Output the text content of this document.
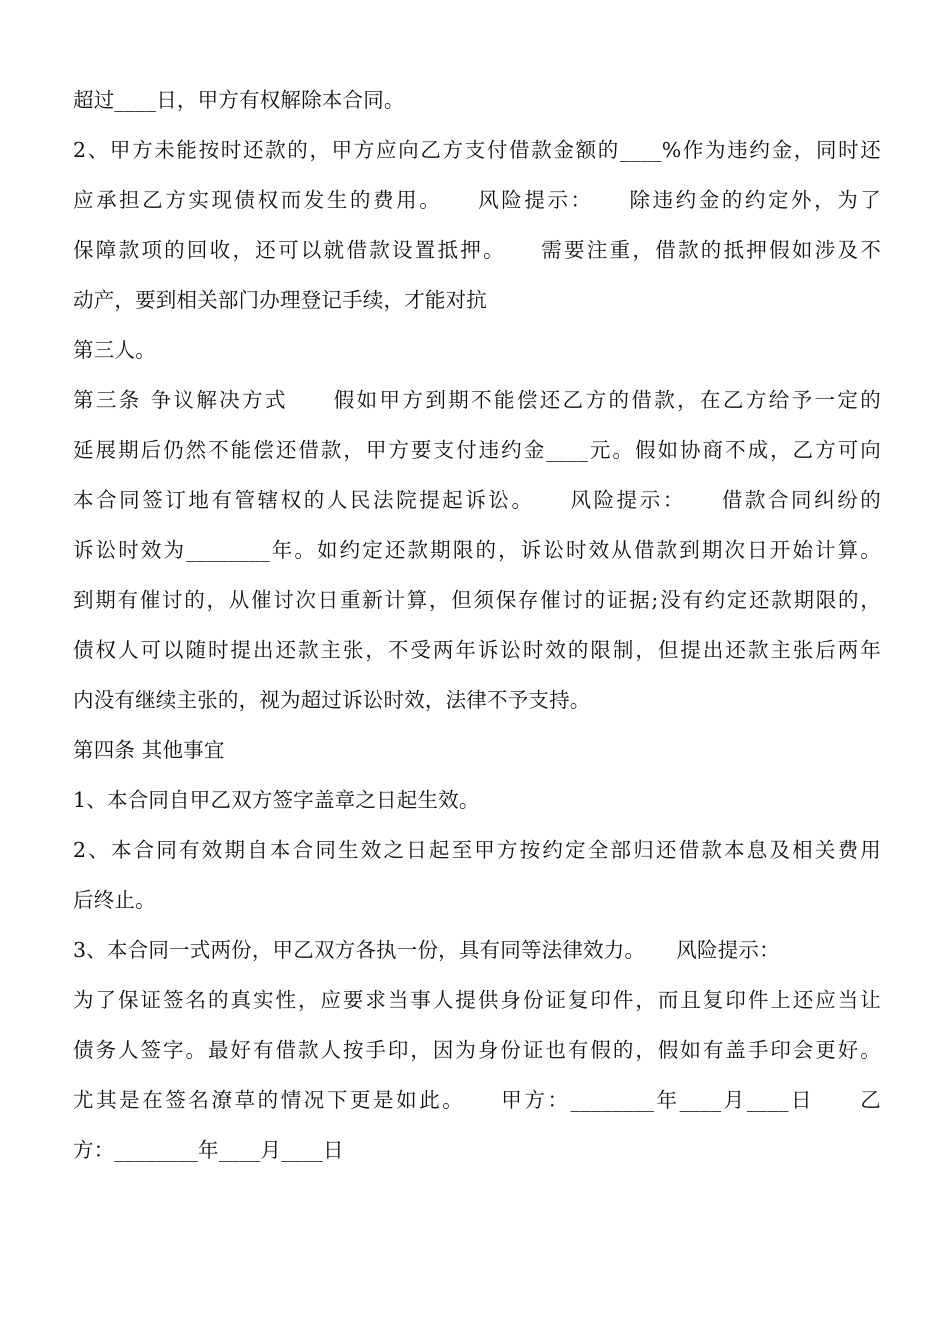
超过____日，甲方有权解除本合同。
2、甲方未能按时还款的，甲方应向乙方支付借款金额的____%作为违约金，同时还
应承担乙方实现债权而发生的费用。　　风险提示：　　除违约金的约定外，为了
保障款项的回收，还可以就借款设置抵押。　　需要注重，借款的抵押假如涉及不
动产，要到相关部门办理登记手续，才能对抗
第三人。
第三条 争议解决方式　　假如甲方到期不能偿还乙方的借款，在乙方给予一定的
延展期后仍然不能偿还借款，甲方要支付违约金____元。假如协商不成，乙方可向
本合同签订地有管辖权的人民法院提起诉讼。　　风险提示：　　借款合同纠纷的
诉讼时效为________年。如约定还款期限的，诉讼时效从借款到期次日开始计算。
到期有催讨的，从催讨次日重新计算，但须保存催讨的证据;没有约定还款期限的，
债权人可以随时提出还款主张，不受两年诉讼时效的限制，但提出还款主张后两年
内没有继续主张的，视为超过诉讼时效，法律不予支持。
第四条 其他事宜
1、本合同自甲乙双方签字盖章之日起生效。
2、本合同有效期自本合同生效之日起至甲方按约定全部归还借款本息及相关费用
后终止。
3、本合同一式两份，甲乙双方各执一份，具有同等法律效力。　　风险提示：
为了保证签名的真实性，应要求当事人提供身份证复印件，而且复印件上还应当让
债务人签字。最好有借款人按手印，因为身份证也有假的，假如有盖手印会更好。
尤其是在签名潦草的情况下更是如此。　　甲方：________年____月____日　　乙
方：________年____月____日
